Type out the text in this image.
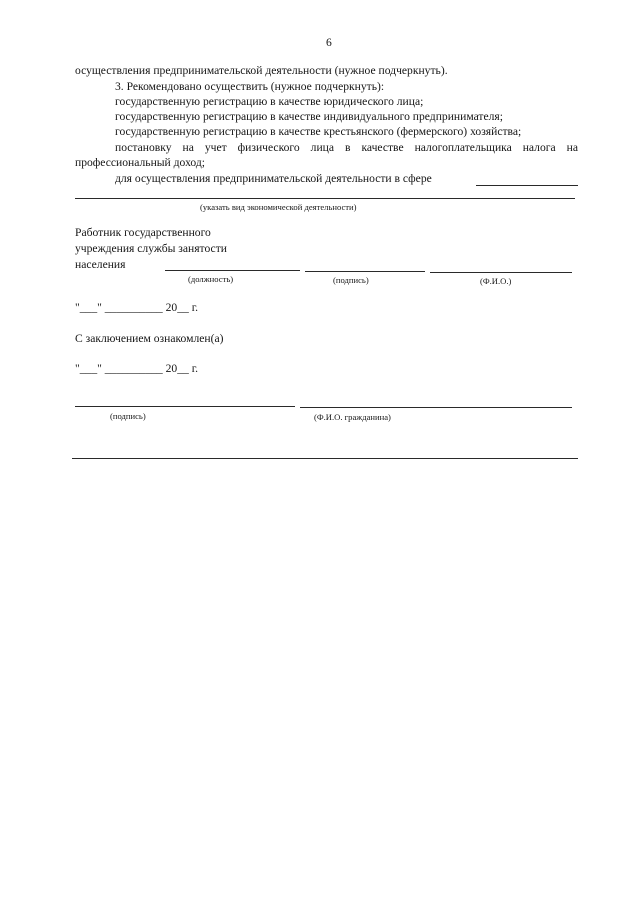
6
осуществления предпринимательской деятельности (нужное подчеркнуть).
3. Рекомендовано осуществить (нужное подчеркнуть):
государственную регистрацию в качестве юридического лица;
государственную регистрацию в качестве индивидуального предпринимателя;
государственную регистрацию в качестве крестьянского (фермерского) хозяйства;
постановку на учет физического лица в качестве налогоплательщика налога на
профессиональный доход;
для осуществления предпринимательской деятельности в сфере
(указать вид экономической деятельности)
Работник государственного
учреждения службы занятости
населения
(должность)	(подпись)	(Ф.И.О.)
"___" __________ 20__ г.
С заключением ознакомлен(а)
"___" __________ 20__ г.
(подпись)	(Ф.И.О. гражданина)
